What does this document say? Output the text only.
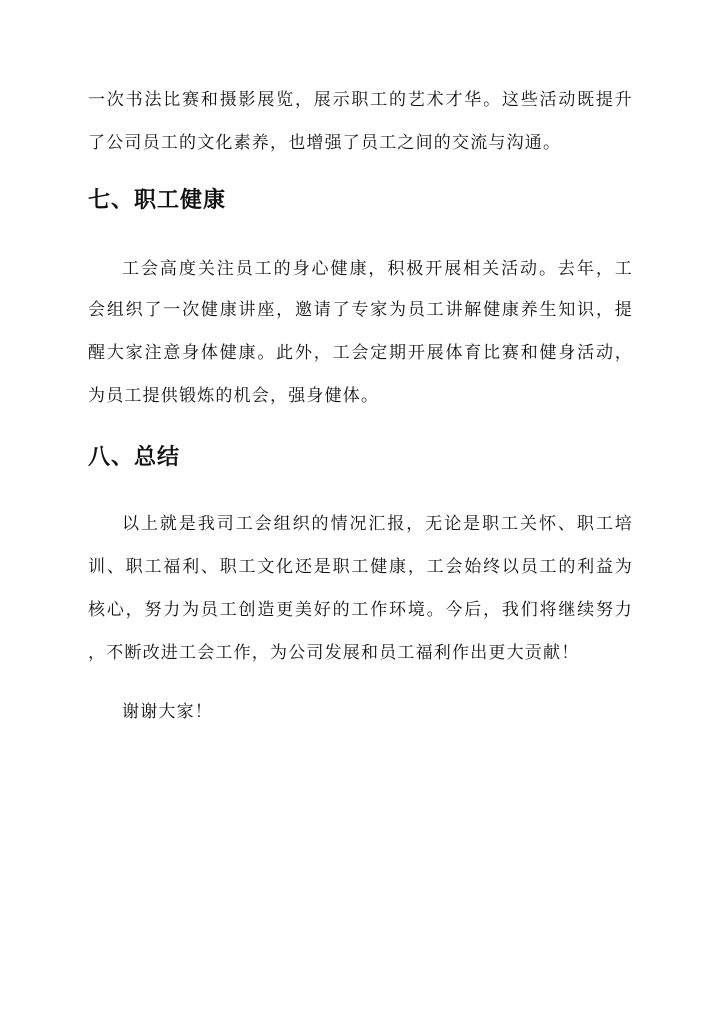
一次书法比赛和摄影展览，展示职工的艺术才华。这些活动既提升
了公司员工的文化素养，也增强了员工之间的交流与沟通。
七、职工健康
工会高度关注员工的身心健康，积极开展相关活动。去年，工
会组织了一次健康讲座，邀请了专家为员工讲解健康养生知识，提
醒大家注意身体健康。此外，工会定期开展体育比赛和健身活动，
为员工提供锻炼的机会，强身健体。
八、总结
以上就是我司工会组织的情况汇报，无论是职工关怀、职工培
训、职工福利、职工文化还是职工健康，工会始终以员工的利益为
核心，努力为员工创造更美好的工作环境。今后，我们将继续努力
，不断改进工会工作，为公司发展和员工福利作出更大贡献！
谢谢大家！
